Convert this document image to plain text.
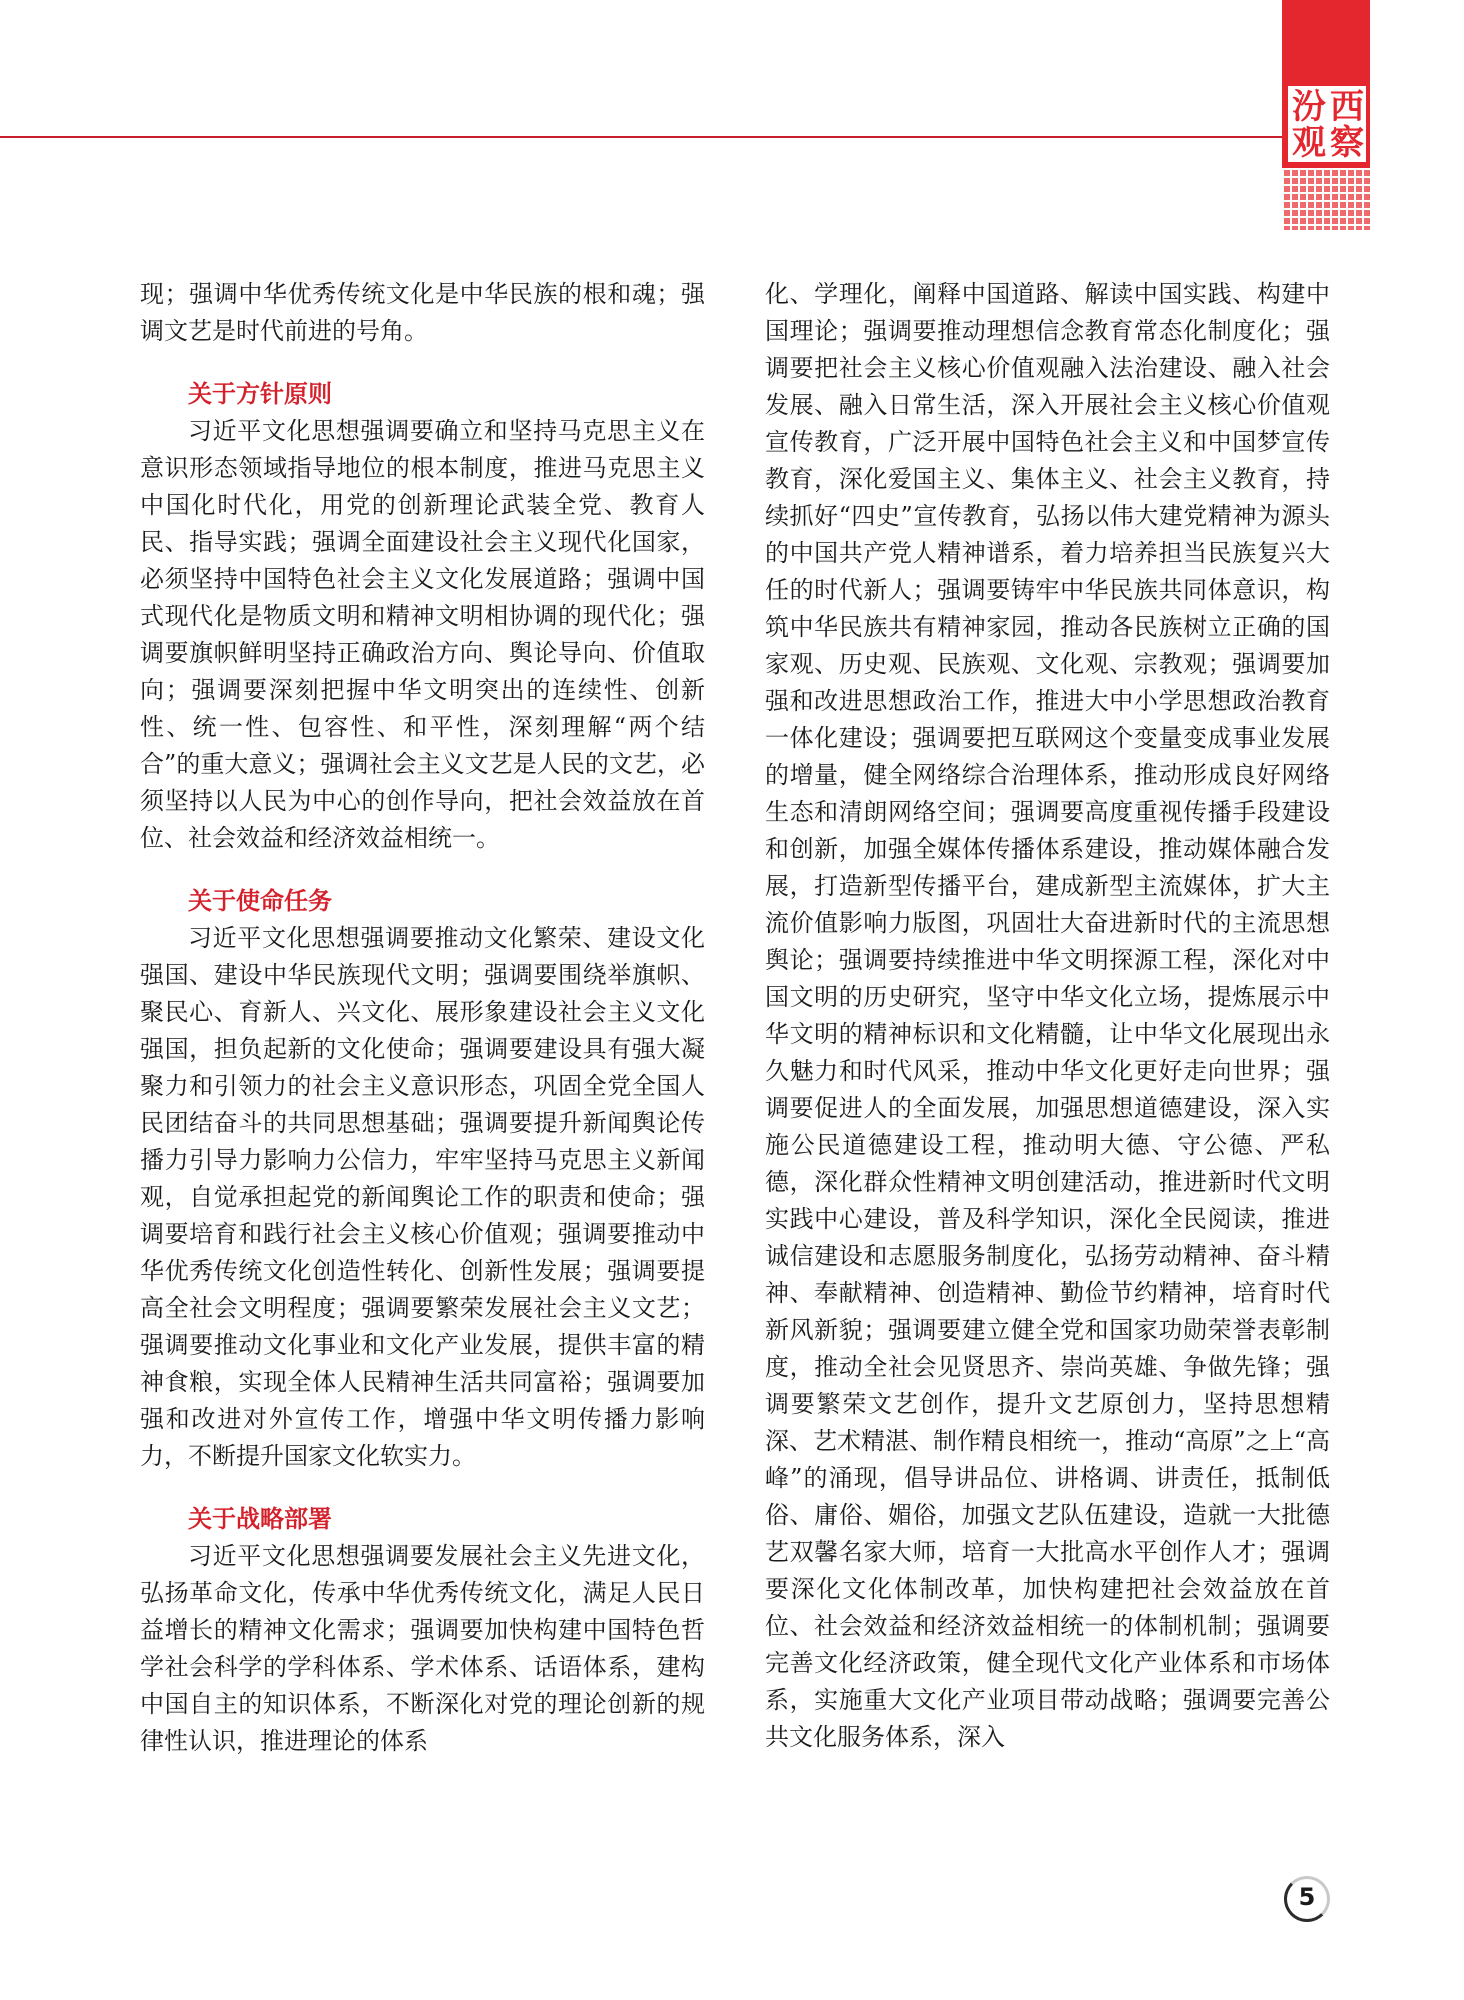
汾 西
观 察

现；强调中华优秀传统文化是中华民族的根和魂；强调文艺是时代前进的号角。

关于方针原则

习近平文化思想强调要确立和坚持马克思主义在意识形态领域指导地位的根本制度，推进马克思主义中国化时代化，用党的创新理论武装全党、教育人民、指导实践；强调全面建设社会主义现代化国家，必须坚持中国特色社会主义文化发展道路；强调中国式现代化是物质文明和精神文明相协调的现代化；强调要旗帜鲜明坚持正确政治方向、舆论导向、价值取向；强调要深刻把握中华文明突出的连续性、创新性、统一性、包容性、和平性，深刻理解“两个结合”的重大意义；强调社会主义文艺是人民的文艺，必须坚持以人民为中心的创作导向，把社会效益放在首位、社会效益和经济效益相统一。

关于使命任务

习近平文化思想强调要推动文化繁荣、建设文化强国、建设中华民族现代文明；强调要围绕举旗帜、聚民心、育新人、兴文化、展形象建设社会主义文化强国，担负起新的文化使命；强调要建设具有强大凝聚力和引领力的社会主义意识形态，巩固全党全国人民团结奋斗的共同思想基础；强调要提升新闻舆论传播力引导力影响力公信力，牢牢坚持马克思主义新闻观，自觉承担起党的新闻舆论工作的职责和使命；强调要培育和践行社会主义核心价值观；强调要推动中华优秀传统文化创造性转化、创新性发展；强调要提高全社会文明程度；强调要繁荣发展社会主义文艺；强调要推动文化事业和文化产业发展，提供丰富的精神食粮，实现全体人民精神生活共同富裕；强调要加强和改进对外宣传工作，增强中华文明传播力影响力，不断提升国家文化软实力。

关于战略部署

习近平文化思想强调要发展社会主义先进文化，弘扬革命文化，传承中华优秀传统文化，满足人民日益增长的精神文化需求；强调要加快构建中国特色哲学社会科学的学科体系、学术体系、话语体系，建构中国自主的知识体系，不断深化对党的理论创新的规律性认识，推进理论的体系

化、学理化，阐释中国道路、解读中国实践、构建中国理论；强调要推动理想信念教育常态化制度化；强调要把社会主义核心价值观融入法治建设、融入社会发展、融入日常生活，深入开展社会主义核心价值观宣传教育，广泛开展中国特色社会主义和中国梦宣传教育，深化爱国主义、集体主义、社会主义教育，持续抓好“四史”宣传教育，弘扬以伟大建党精神为源头的中国共产党人精神谱系，着力培养担当民族复兴大任的时代新人；强调要铸牢中华民族共同体意识，构筑中华民族共有精神家园，推动各民族树立正确的国家观、历史观、民族观、文化观、宗教观；强调要加强和改进思想政治工作，推进大中小学思想政治教育一体化建设；强调要把互联网这个变量变成事业发展的增量，健全网络综合治理体系，推动形成良好网络生态和清朗网络空间；强调要高度重视传播手段建设和创新，加强全媒体传播体系建设，推动媒体融合发展，打造新型传播平台，建成新型主流媒体，扩大主流价值影响力版图，巩固壮大奋进新时代的主流思想舆论；强调要持续推进中华文明探源工程，深化对中国文明的历史研究，坚守中华文化立场，提炼展示中华文明的精神标识和文化精髓，让中华文化展现出永久魅力和时代风采，推动中华文化更好走向世界；强调要促进人的全面发展，加强思想道德建设，深入实施公民道德建设工程，推动明大德、守公德、严私德，深化群众性精神文明创建活动，推进新时代文明实践中心建设，普及科学知识，深化全民阅读，推进诚信建设和志愿服务制度化，弘扬劳动精神、奋斗精神、奉献精神、创造精神、勤俭节约精神，培育时代新风新貌；强调要建立健全党和国家功勋荣誉表彰制度，推动全社会见贤思齐、崇尚英雄、争做先锋；强调要繁荣文艺创作，提升文艺原创力，坚持思想精深、艺术精湛、制作精良相统一，推动“高原”之上“高峰”的涌现，倡导讲品位、讲格调、讲责任，抵制低俗、庸俗、媚俗，加强文艺队伍建设，造就一大批德艺双馨名家大师，培育一大批高水平创作人才；强调要深化文化体制改革，加快构建把社会效益放在首位、社会效益和经济效益相统一的体制机制；强调要完善文化经济政策，健全现代文化产业体系和市场体系，实施重大文化产业项目带动战略；强调要完善公共文化服务体系，深入

5
